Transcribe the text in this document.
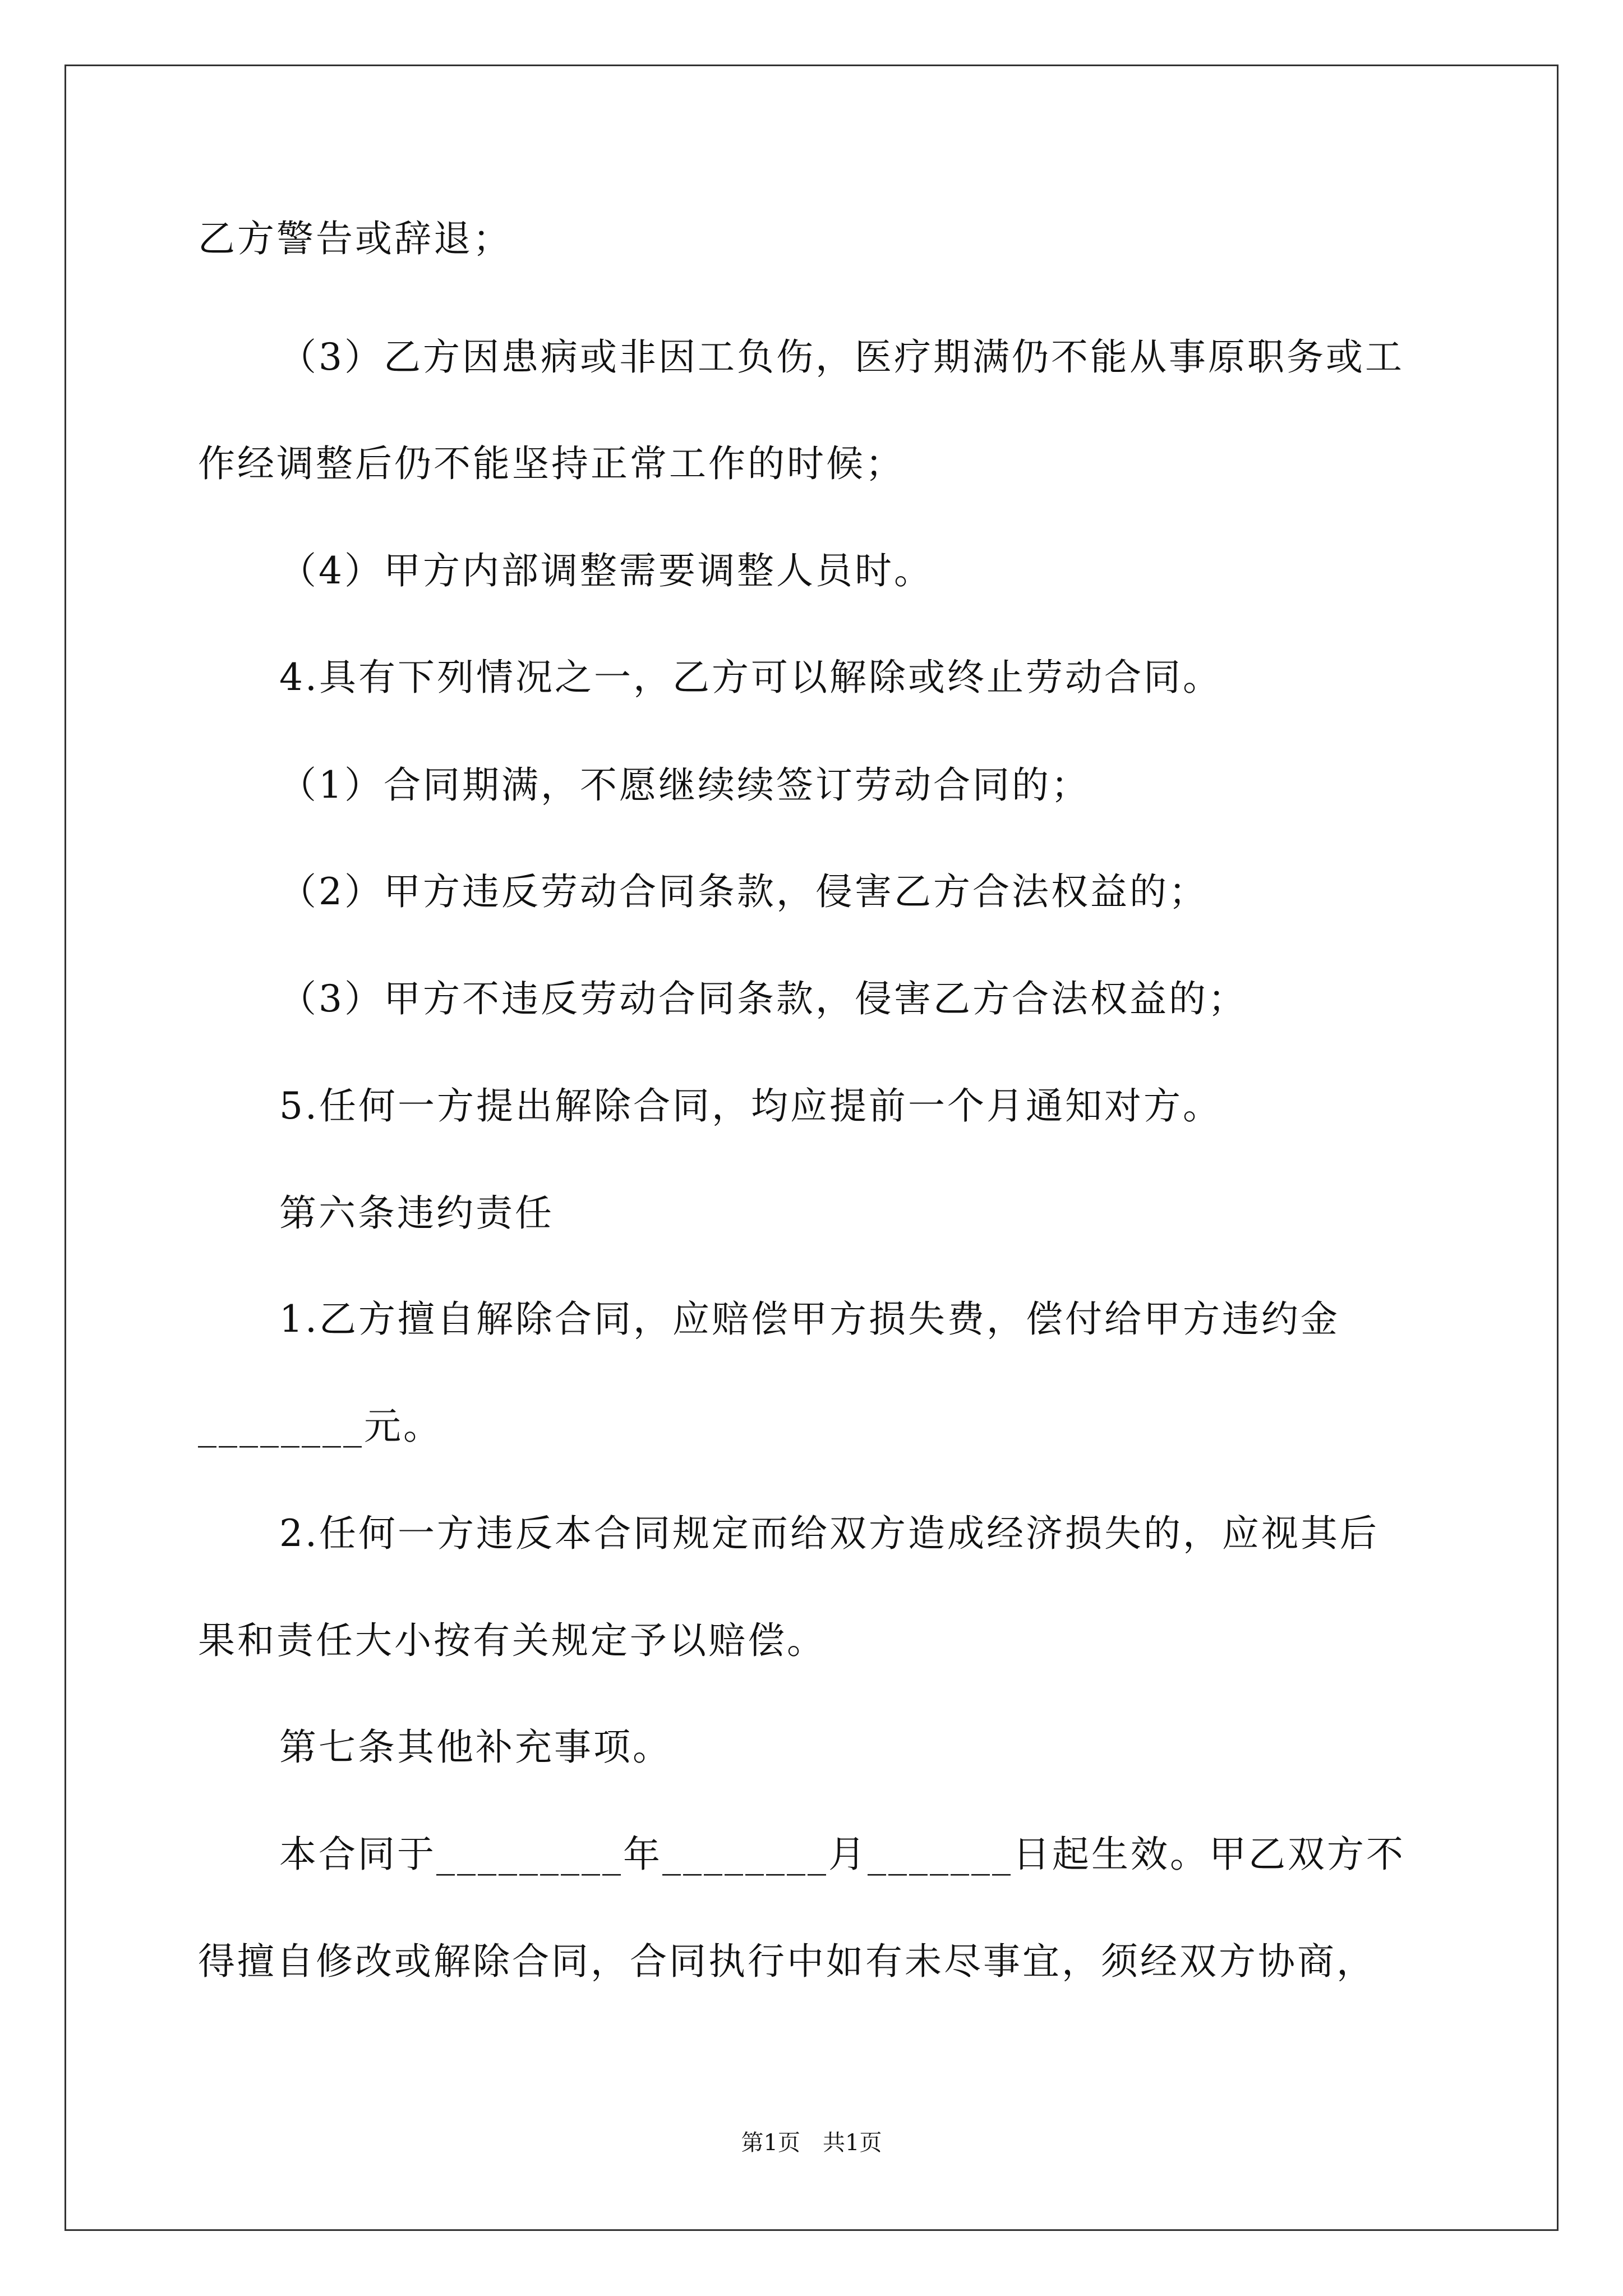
乙方警告或辞退；
（3）乙方因患病或非因工负伤，医疗期满仍不能从事原职务或工
作经调整后仍不能坚持正常工作的时候；
（4）甲方内部调整需要调整人员时。
4.具有下列情况之一，乙方可以解除或终止劳动合同。
（1）合同期满，不愿继续续签订劳动合同的；
（2）甲方违反劳动合同条款，侵害乙方合法权益的；
（3）甲方不违反劳动合同条款，侵害乙方合法权益的；
5.任何一方提出解除合同，均应提前一个月通知对方。
第六条违约责任
1.乙方擅自解除合同，应赔偿甲方损失费，偿付给甲方违约金
________元。
2.任何一方违反本合同规定而给双方造成经济损失的，应视其后
果和责任大小按有关规定予以赔偿。
第七条其他补充事项。
本合同于_________年________月_______日起生效。甲乙双方不
得擅自修改或解除合同，合同执行中如有未尽事宜，须经双方协商，
第1页　共1页
